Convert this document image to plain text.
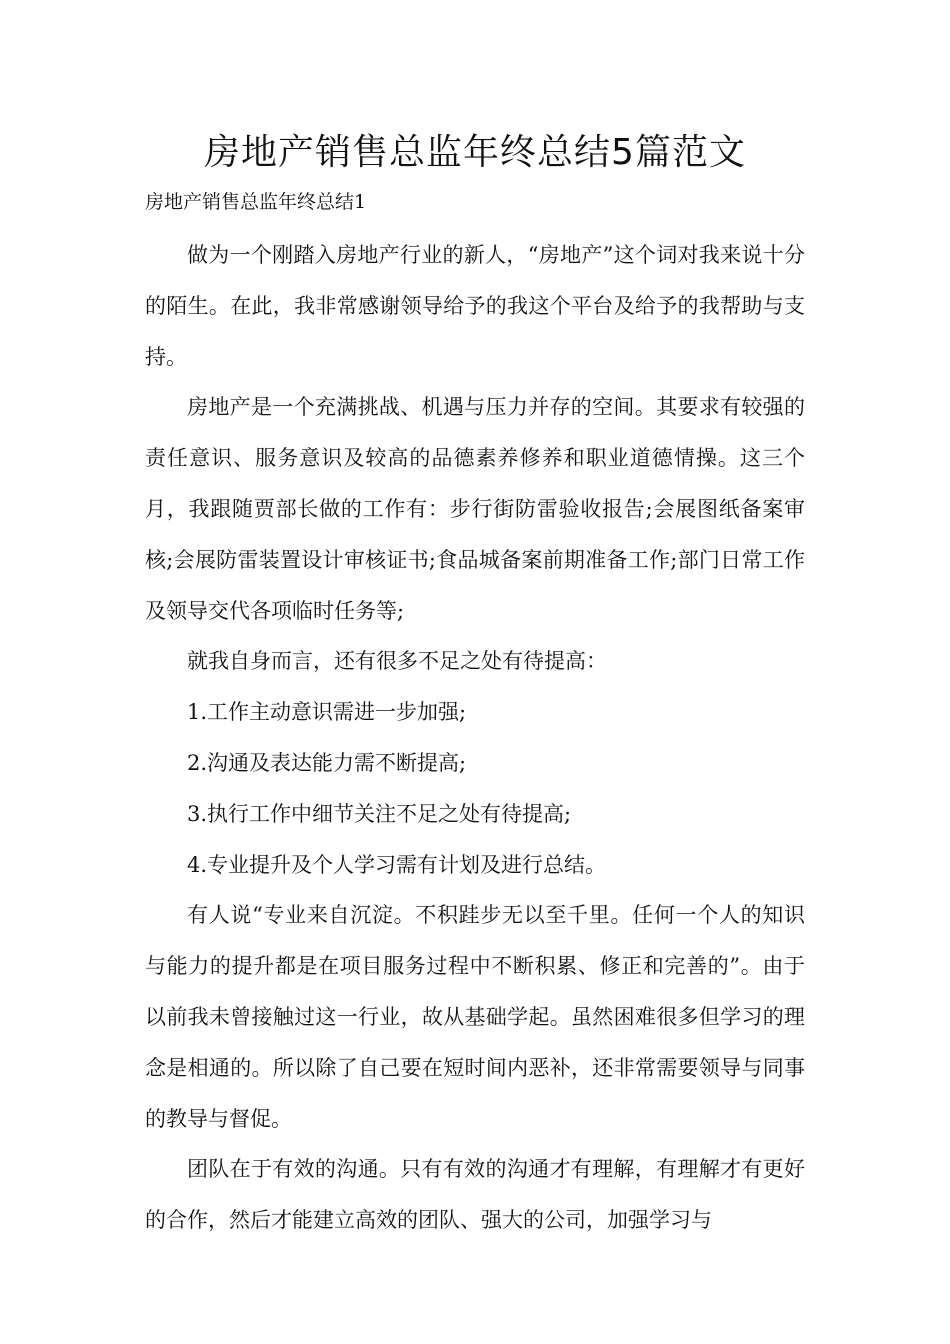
房地产销售总监年终总结5篇范文

房地产销售总监年终总结1

做为一个刚踏入房地产行业的新人，“房地产”这个词对我来说十分的陌生。在此，我非常感谢领导给予的我这个平台及给予的我帮助与支持。

房地产是一个充满挑战、机遇与压力并存的空间。其要求有较强的责任意识、服务意识及较高的品德素养修养和职业道德情操。这三个月，我跟随贾部长做的工作有：步行街防雷验收报告;会展图纸备案审核;会展防雷装置设计审核证书;食品城备案前期准备工作;部门日常工作及领导交代各项临时任务等;

就我自身而言，还有很多不足之处有待提高：

1.工作主动意识需进一步加强;

2.沟通及表达能力需不断提高;

3.执行工作中细节关注不足之处有待提高;

4.专业提升及个人学习需有计划及进行总结。

有人说“专业来自沉淀。不积跬步无以至千里。任何一个人的知识与能力的提升都是在项目服务过程中不断积累、修正和完善的”。由于以前我未曾接触过这一行业，故从基础学起。虽然困难很多但学习的理念是相通的。所以除了自己要在短时间内恶补，还非常需要领导与同事的教导与督促。

团队在于有效的沟通。只有有效的沟通才有理解，有理解才有更好的合作，然后才能建立高效的团队、强大的公司，加强学习与
